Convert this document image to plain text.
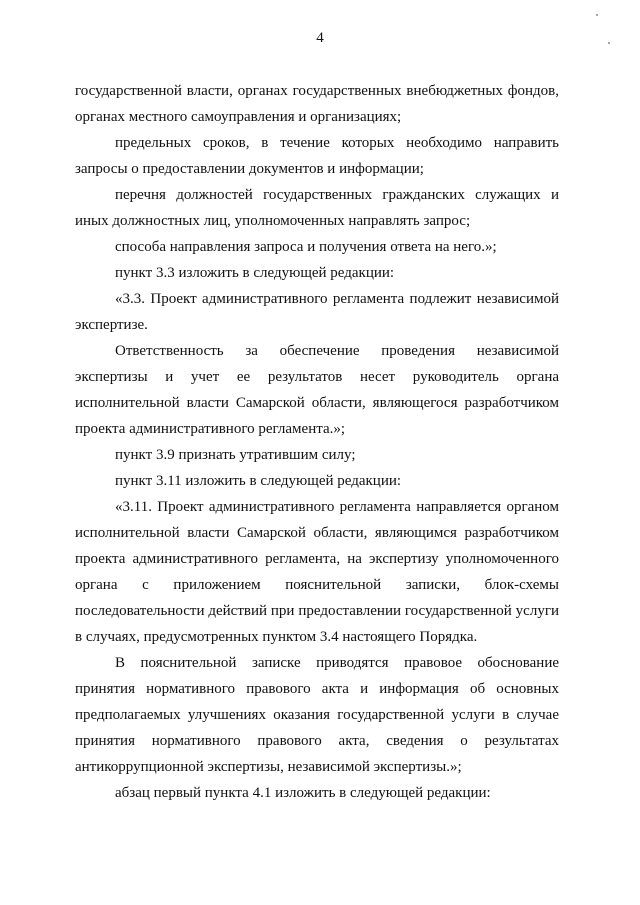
4

государственной власти, органах государственных внебюджетных фондов, органах местного самоуправления и организациях;

предельных сроков, в течение которых необходимо направить запросы о предоставлении документов и информации;

перечня должностей государственных гражданских служащих и иных должностных лиц, уполномоченных направлять запрос;

способа направления запроса и получения ответа на него.»;

пункт 3.3 изложить в следующей редакции:

«3.3. Проект административного регламента подлежит независимой экспертизе.

Ответственность за обеспечение проведения независимой экспертизы и учет ее результатов несет руководитель органа исполнительной власти Самарской области, являющегося разработчиком проекта административного регламента.»;

пункт 3.9 признать утратившим силу;

пункт 3.11 изложить в следующей редакции:

«3.11. Проект административного регламента направляется органом исполнительной власти Самарской области, являющимся разработчиком проекта административного регламента, на экспертизу уполномоченного органа с приложением пояснительной записки, блок-схемы последовательности действий при предоставлении государственной услуги в случаях, предусмотренных пунктом 3.4 настоящего Порядка.

В пояснительной записке приводятся правовое обоснование принятия нормативного правового акта и информация об основных предполагаемых улучшениях оказания государственной услуги в случае принятия нормативного правового акта, сведения о результатах антикоррупционной экспертизы, независимой экспертизы.»;

абзац первый пункта 4.1 изложить в следующей редакции:
